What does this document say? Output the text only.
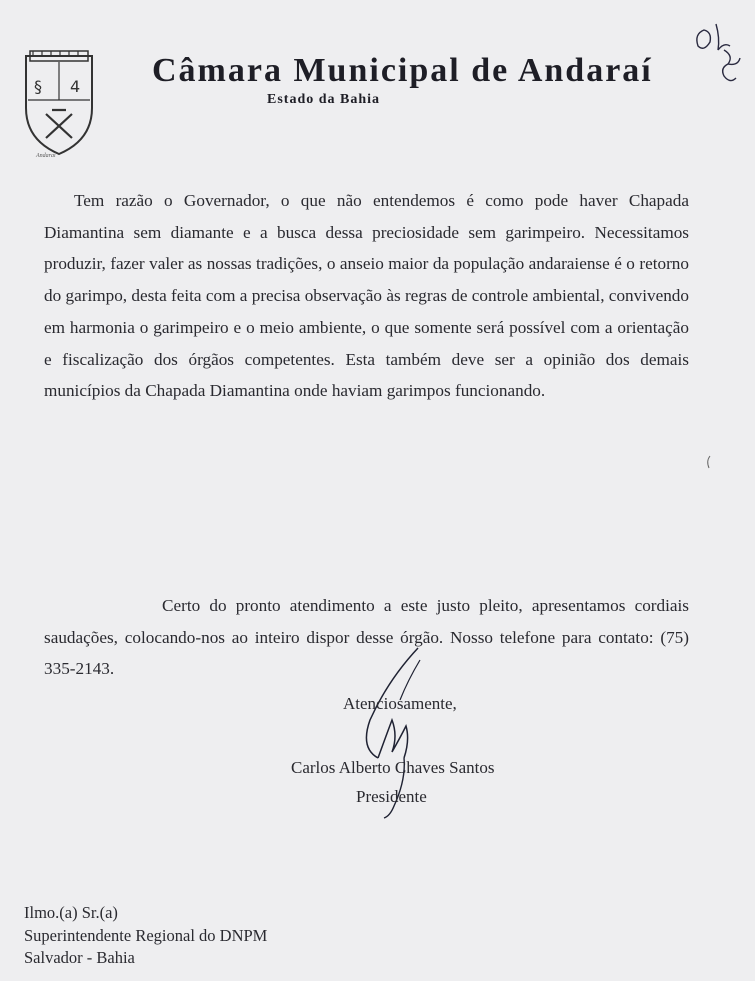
§ 4
Andaraí
Câmara Municipal de Andaraí
Estado da Bahia
Tem razão o Governador, o que não entendemos é como pode haver Chapada Diamantina sem diamante e a busca dessa preciosidade sem garimpeiro. Necessitamos produzir, fazer valer as nossas tradições, o anseio maior da população andaraiense é o retorno do garimpo, desta feita com a precisa observação às regras de controle ambiental, convivendo em harmonia o garimpeiro e o meio ambiente, o que somente será possível com a orientação e fiscalização dos órgãos competentes. Esta também deve ser a opinião dos demais municípios da Chapada Diamantina onde haviam garimpos funcionando.
Certo do pronto atendimento a este justo pleito, apresentamos cordiais saudações, colocando-nos ao inteiro dispor desse órgão. Nosso telefone para contato: (75) 335-2143.
Atenciosamente,
Carlos Alberto Chaves Santos
Presidente
Ilmo.(a) Sr.(a)
Superintendente Regional do DNPM
Salvador - Bahia
